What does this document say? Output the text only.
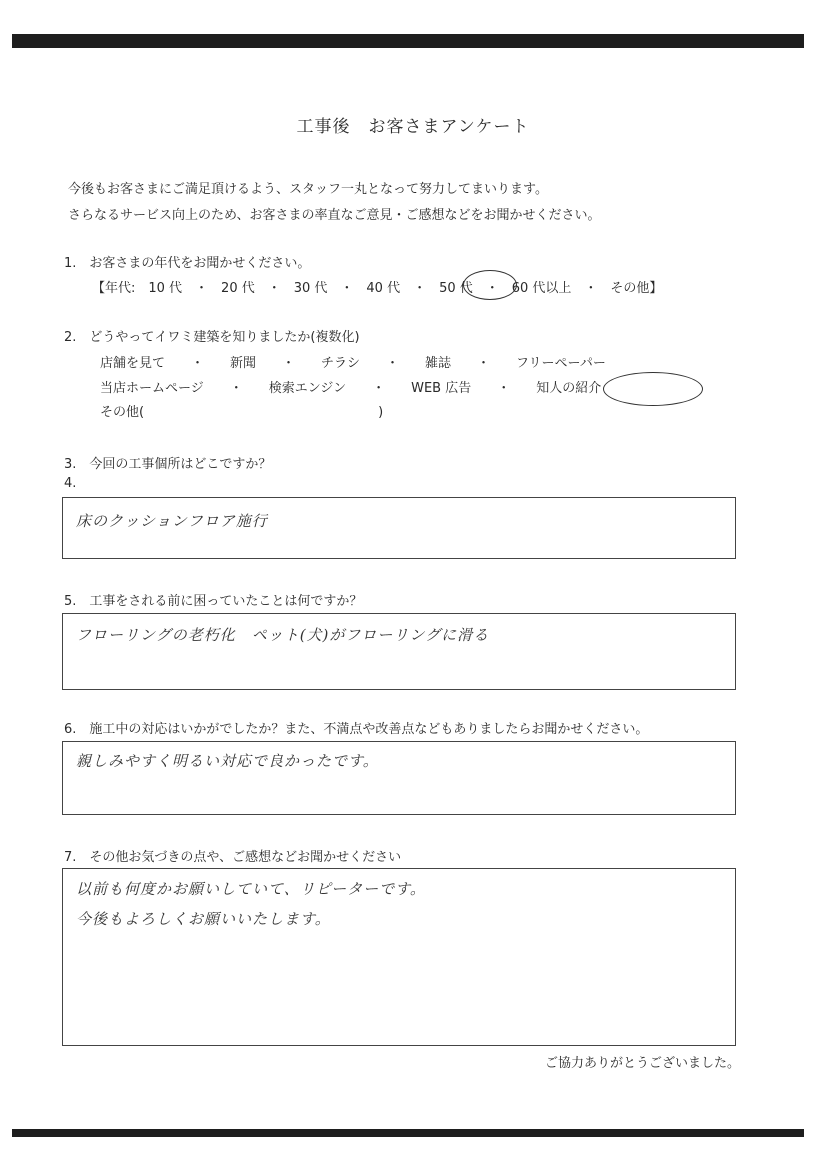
工事後　お客さまアンケート
今後もお客さまにご満足頂けるよう、スタッフ一丸となって努力してまいります。
さらなるサービス向上のため、お客さまの率直なご意見・ご感想などをお聞かせください。
1.　お客さまの年代をお聞かせください。
【年代:　10 代　・　20 代　・　30 代　・　40 代　・　50 代　・　60 代以上　・　その他】
2.　どうやってイワミ建築を知りましたか(複数化)
店舗を見て　　・　　新聞　　・　　チラシ　　・　　雑誌　　・　　フリーペーパー
当店ホームページ　　・　　検索エンジン　　・　　WEB 広告　　・　　知人の紹介
その他(　　　　　　　　　　　　　　　　　　)
3.　今回の工事個所はどこですか？
4.
床のクッションフロア施行
5.　工事をされる前に困っていたことは何ですか？
フローリングの老朽化　ペット(犬)がフローリングに滑る
6.　施工中の対応はいかがでしたか？また、不満点や改善点などもありましたらお聞かせください。
親しみやすく明るい対応で良かったです。
7.　その他お気づきの点や、ご感想などお聞かせください
以前も何度かお願いしていて、リピーターです。
今後もよろしくお願いいたします。
ご協力ありがとうございました。
